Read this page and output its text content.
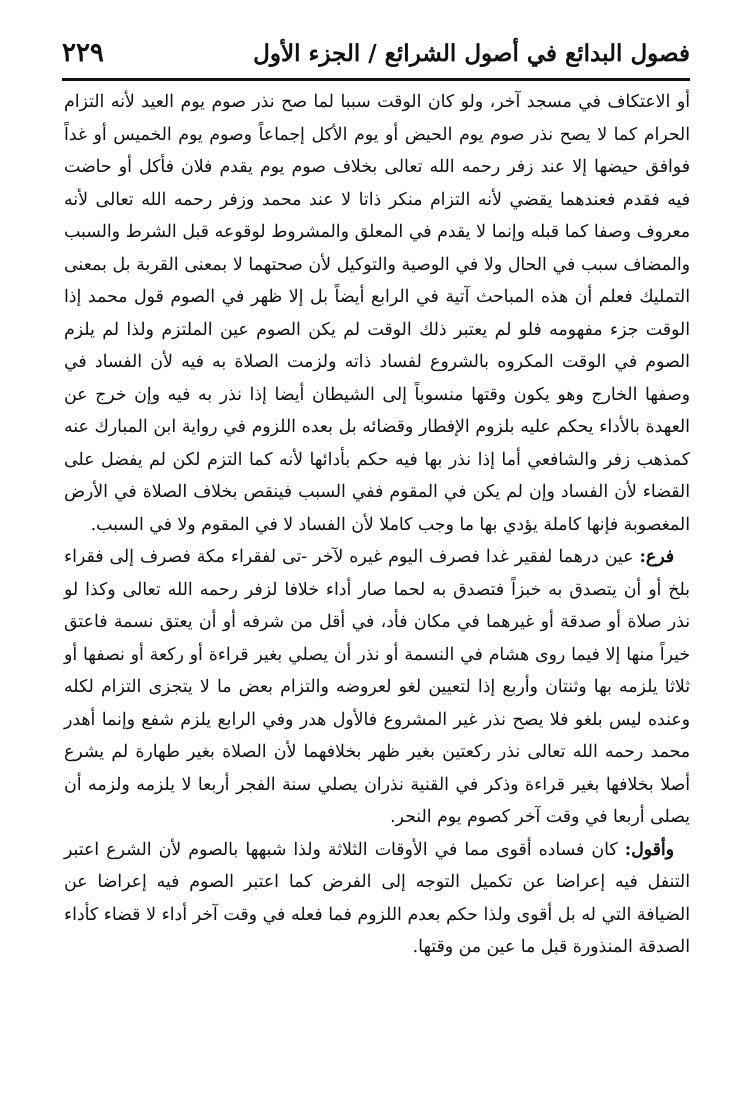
فصول البدائع في أصول الشرائع / الجزء الأول
٢٢٩

أو الاعتكاف في مسجد آخر، ولو كان الوقت سببا لما صح نذر صوم يوم العيد لأنه التزام الحرام كما لا يصح نذر صوم يوم الحيض أو يوم الأكل إجماعاً وصوم يوم الخميس أو غداً فوافق حيضها إلا عند زفر رحمه الله تعالى بخلاف صوم يوم يقدم فلان فأكل أو حاضت فيه فقدم فعندهما يقضي لأنه التزام منكر ذاتا لا عند محمد وزفر رحمه الله تعالى لأنه معروف وصفا كما قبله وإنما لا يقدم في المعلق والمشروط لوقوعه قبل الشرط والسبب والمضاف سبب في الحال ولا في الوصية والتوكيل لأن صحتهما لا بمعنى القربة بل بمعنى التمليك فعلم أن هذه المباحث آتية في الرابع أيضاً بل إلا ظهر في الصوم قول محمد إذا الوقت جزء مفهومه فلو لم يعتبر ذلك الوقت لم يكن الصوم عين الملتزم ولذا لم يلزم الصوم في الوقت المكروه بالشروع لفساد ذاته ولزمت الصلاة به فيه لأن الفساد في وصفها الخارج وهو يكون وقتها منسوباً إلى الشيطان أيضا إذا نذر به فيه وإن خرج عن العهدة بالأداء يحكم عليه بلزوم الإفطار وقضائه بل بعده اللزوم في رواية ابن المبارك عنه كمذهب زفر والشافعي أما إذا نذر بها فيه حكم بأدائها لأنه كما التزم لكن لم يفضل على القضاء لأن الفساد وإن لم يكن في المقوم ففي السبب فينقص بخلاف الصلاة في الأرض المغصوبة فإنها كاملة يؤدي بها ما وجب كاملا لأن الفساد لا في المقوم ولا في السبب.

فرع: عين درهما لفقير غدا فصرف اليوم غيره لآخر -تى لفقراء مكة فصرف إلى فقراء بلخ أو أن يتصدق به خبزاً فتصدق به لحما صار أداء خلافا لزفر رحمه الله تعالى وكذا لو نذر صلاة أو صدقة أو غيرهما في مكان فأد، في أقل من شرفه أو أن يعتق نسمة فاعتق خيراً منها إلا فيما روى هشام في النسمة أو نذر أن يصلي بغير قراءة أو ركعة أو نصفها أو ثلاثا يلزمه بها وثنتان وأربع إذا لتعيين لغو لعروضه والتزام بعض ما لا يتجزى التزام لكله وعنده ليس بلغو فلا يصح نذر غير المشروع فالأول هدر وفي الرابع يلزم شفع وإنما أهدر محمد رحمه الله تعالى نذر ركعتين بغير ظهر بخلافهما لأن الصلاة بغير طهارة لم يشرع أصلا بخلافها بغير قراءة وذكر في القنية نذران يصلي سنة الفجر أربعا لا يلزمه ولزمه أن يصلى أربعا في وقت آخر كصوم يوم النحر.

وأقول: كان فساده أقوى مما في الأوقات الثلاثة ولذا شبهها بالصوم لأن الشرع اعتبر التنفل فيه إعراضا عن تكميل التوجه إلى الفرض كما اعتبر الصوم فيه إعراضا عن الضيافة التي له بل أقوى ولذا حكم بعدم اللزوم فما فعله في وقت آخر أداء لا قضاء كأداء الصدقة المنذورة قبل ما عين من وقتها.
